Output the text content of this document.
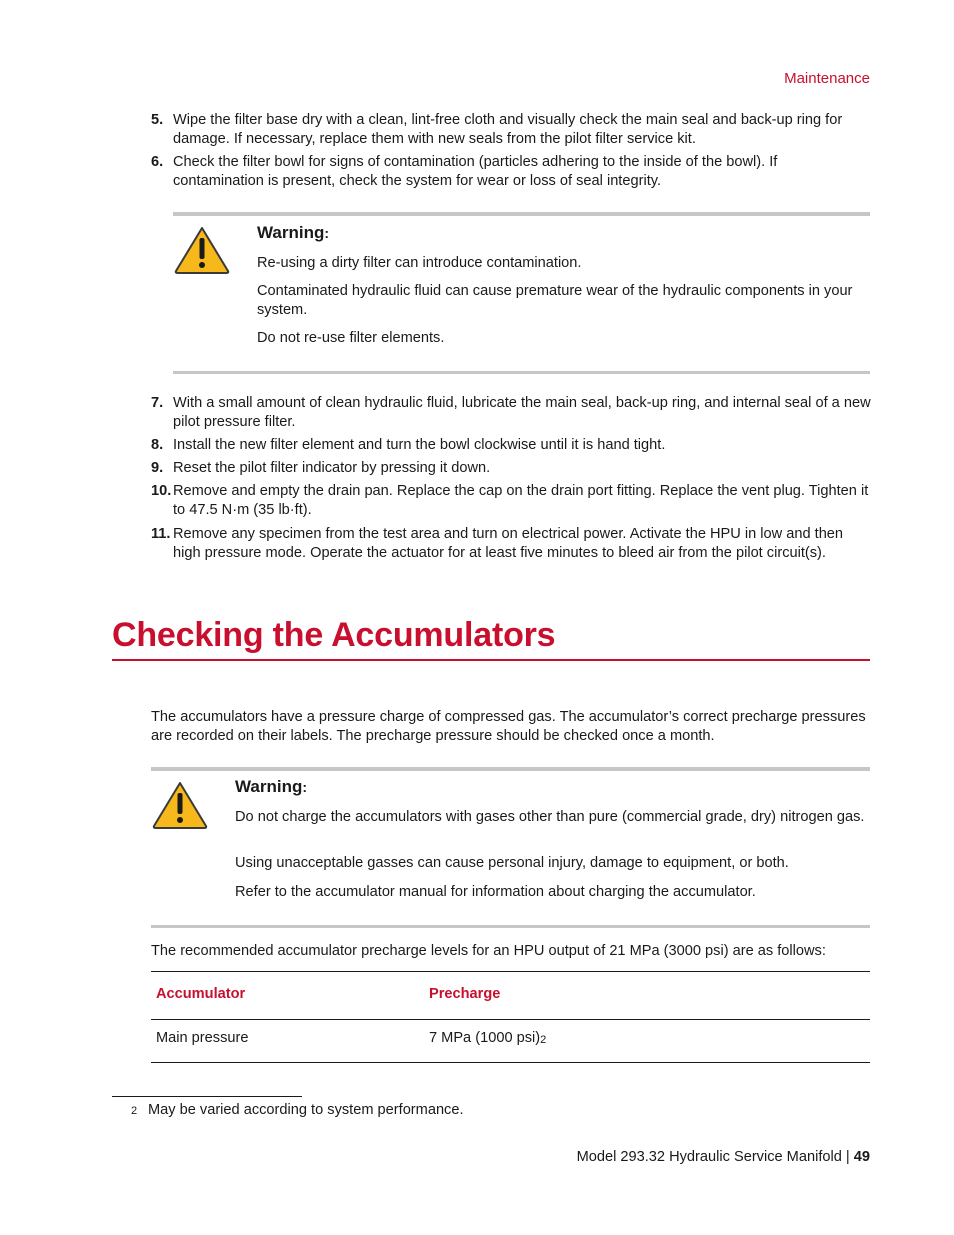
Maintenance
5. Wipe the filter base dry with a clean, lint-free cloth and visually check the main seal and back-up ring for damage. If necessary, replace them with new seals from the pilot filter service kit.
6. Check the filter bowl for signs of contamination (particles adhering to the inside of the bowl). If contamination is present, check the system for wear or loss of seal integrity.
Warning:
Re-using a dirty filter can introduce contamination.
Contaminated hydraulic fluid can cause premature wear of the hydraulic components in your system.
Do not re-use filter elements.
7. With a small amount of clean hydraulic fluid, lubricate the main seal, back-up ring, and internal seal of a new pilot pressure filter.
8. Install the new filter element and turn the bowl clockwise until it is hand tight.
9. Reset the pilot filter indicator by pressing it down.
10. Remove and empty the drain pan. Replace the cap on the drain port fitting. Replace the vent plug. Tighten it to 47.5 N·m (35 lb·ft).
11. Remove any specimen from the test area and turn on electrical power. Activate the HPU in low and then high pressure mode. Operate the actuator for at least five minutes to bleed air from the pilot circuit(s).
Checking the Accumulators
The accumulators have a pressure charge of compressed gas. The accumulator’s correct precharge pressures are recorded on their labels. The precharge pressure should be checked once a month.
Warning:
Do not charge the accumulators with gases other than pure (commercial grade, dry) nitrogen gas.
Using unacceptable gasses can cause personal injury, damage to equipment, or both.
Refer to the accumulator manual for information about charging the accumulator.
The recommended accumulator precharge levels for an HPU output of 21 MPa (3000 psi) are as follows:
Accumulator	Precharge
Main pressure	7 MPa (1000 $psi)_2$
2 May be varied according to system performance.
Model 293.32 Hydraulic Service Manifold | 49
